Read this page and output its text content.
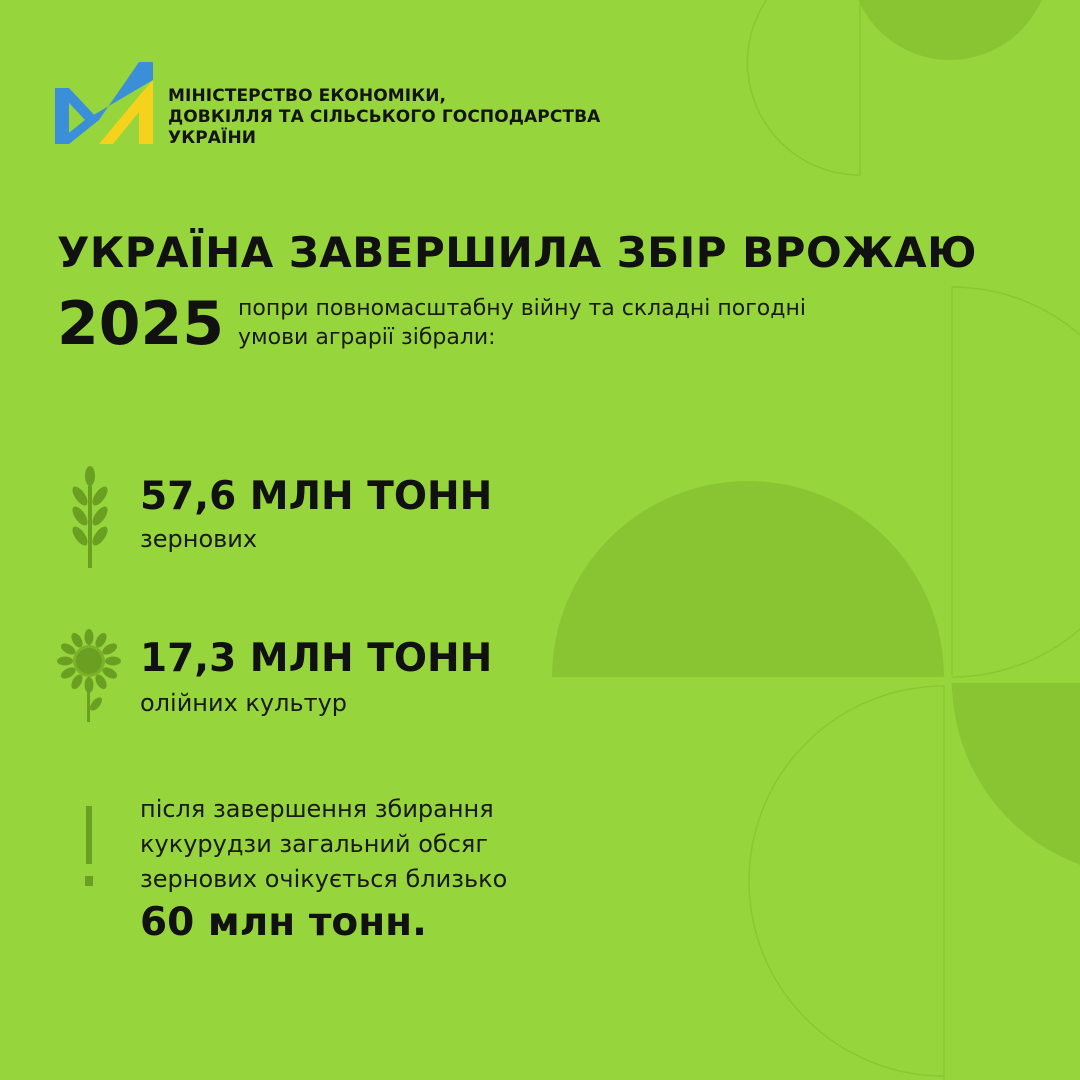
МІНІСТЕРСТВО ЕКОНОМІКИ,
ДОВКІЛЛЯ ТА СІЛЬСЬКОГО ГОСПОДАРСТВА
УКРАЇНИ
УКРАЇНА ЗАВЕРШИЛА ЗБІР ВРОЖАЮ
2025 попри повномасштабну війну та складні погодні
умови аграрії зібрали:
57,6 МЛН ТОНН
зернових
17,3 МЛН ТОНН
олійних культур
після завершення збирання
кукурудзи загальний обсяг
зернових очікується близько
60 млн тонн.
